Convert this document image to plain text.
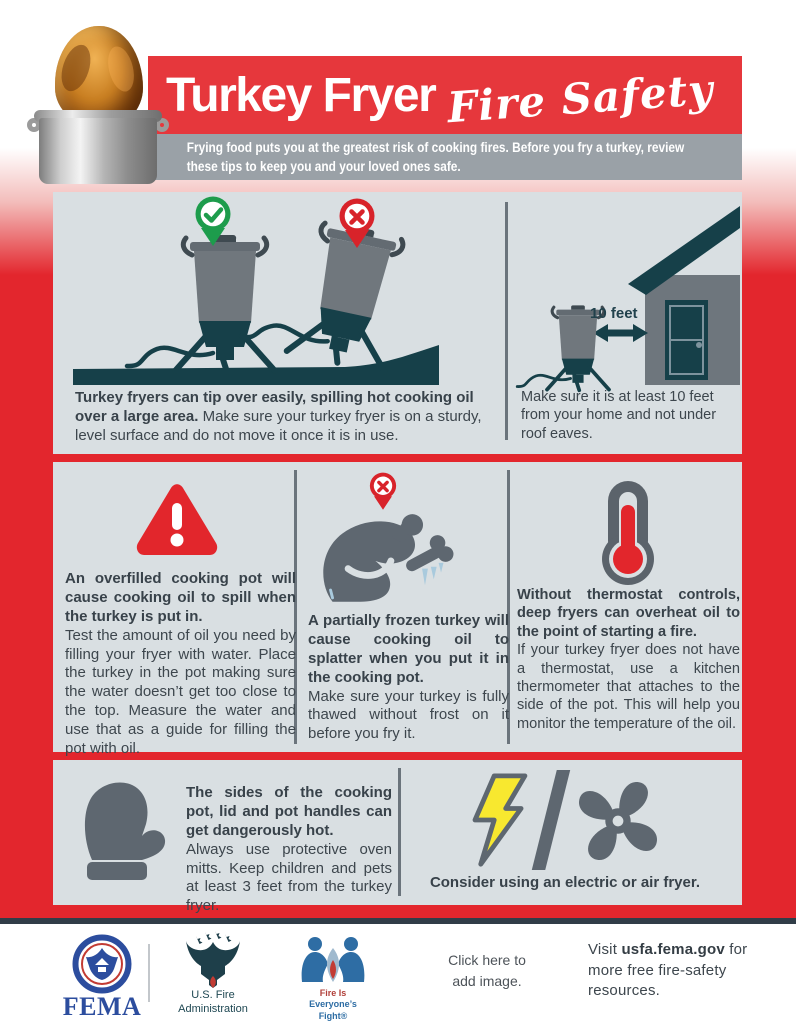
Turkey Fryer Fire Safety
Frying food puts you at the greatest risk of cooking fires. Before you fry a turkey, review these tips to keep you and your loved ones safe.
10 feet

Turkey fryers can tip over easily, spilling hot cooking oil over a large area. Make sure your turkey fryer is on a sturdy, level surface and do not move it once it is in use.

Make sure it is at least 10 feet from your home and not under roof eaves.

An overfilled cooking pot will cause cooking oil to spill when the turkey is put in.
Test the amount of oil you need by filling your fryer with water. Place the turkey in the pot making sure the water doesn’t get too close to the top. Measure the water and use that as a guide for filling the pot with oil.
A partially frozen turkey will cause cooking oil to splatter when you put it in the cooking pot.
Make sure your turkey is fully thawed without frost on it before you fry it.
Without thermostat controls, deep fryers can overheat oil to the point of starting a fire.
If your turkey fryer does not have a thermostat, use a kitchen thermometer that attaches to the side of the pot. This will help you monitor the temperature of the oil.
The sides of the cooking pot, lid and pot handles can get dangerously hot.
Always use protective oven mitts. Keep children and pets at least 3 feet from the turkey fryer.
Consider using an electric or air fryer.
FEMA	U.S. Fire
Administration
Fire Is
Everyone’s
Fight®
Click here to
add image.
Visit usfa.fema.gov for more free fire-safety resources.
